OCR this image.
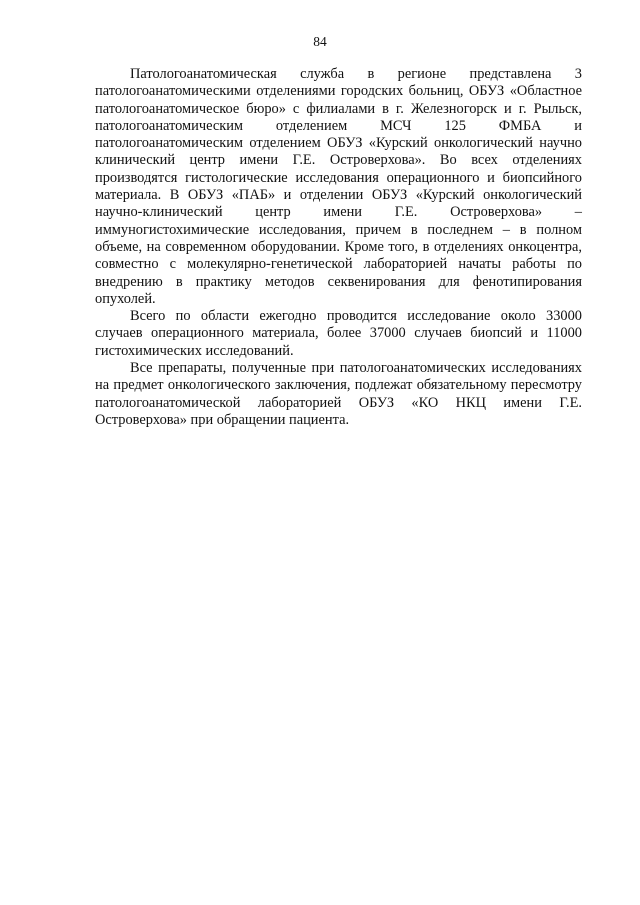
84

Патологоанатомическая служба в регионе представлена 3 патологоанатомическими отделениями городских больниц, ОБУЗ «Областное патологоанатомическое бюро» с филиалами в г. Железногорск и г. Рыльск, патологоанатомическим отделением МСЧ 125 ФМБА и патологоанатомическим отделением ОБУЗ «Курский онкологический научно клинический центр имени Г.Е. Островерхова». Во всех отделениях производятся гистологические исследования операционного и биопсийного материала. В ОБУЗ «ПАБ» и отделении ОБУЗ «Курский онкологический научно-клинический центр имени Г.Е. Островерхова» – иммуногистохимические исследования, причем в последнем – в полном объеме, на современном оборудовании. Кроме того, в отделениях онкоцентра, совместно с молекулярно-генетической лабораторией начаты работы по внедрению в практику методов секвенирования для фенотипирования опухолей.

Всего по области ежегодно проводится исследование около 33000 случаев операционного материала, более 37000 случаев биопсий и 11000 гистохимических исследований.

Все препараты, полученные при патологоанатомических исследованиях на предмет онкологического заключения, подлежат обязательному пересмотру патологоанатомической лабораторией ОБУЗ «КО НКЦ имени Г.Е. Островерхова» при обращении пациента.
